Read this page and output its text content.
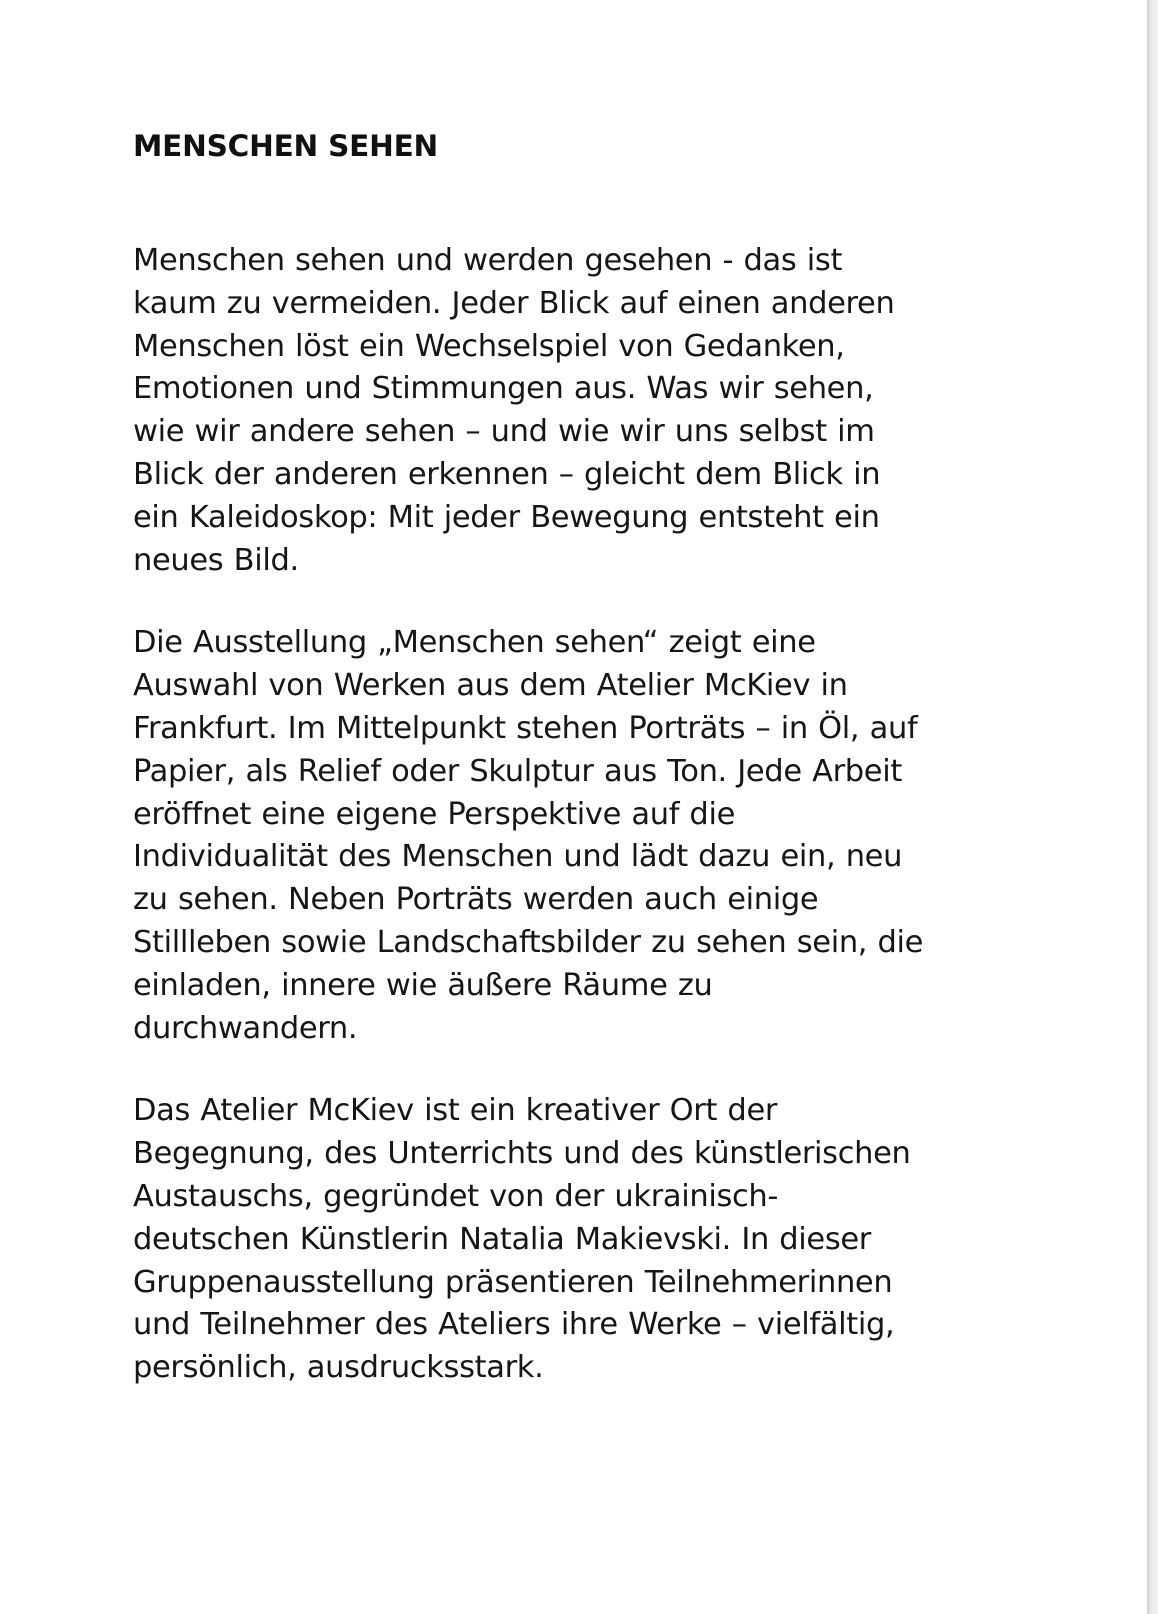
MENSCHEN SEHEN

Menschen sehen und werden gesehen - das ist
kaum zu vermeiden. Jeder Blick auf einen anderen
Menschen löst ein Wechselspiel von Gedanken,
Emotionen und Stimmungen aus. Was wir sehen,
wie wir andere sehen – und wie wir uns selbst im
Blick der anderen erkennen – gleicht dem Blick in
ein Kaleidoskop: Mit jeder Bewegung entsteht ein
neues Bild.

Die Ausstellung „Menschen sehen“ zeigt eine
Auswahl von Werken aus dem Atelier McKiev in
Frankfurt. Im Mittelpunkt stehen Porträts – in Öl, auf
Papier, als Relief oder Skulptur aus Ton. Jede Arbeit
eröffnet eine eigene Perspektive auf die
Individualität des Menschen und lädt dazu ein, neu
zu sehen. Neben Porträts werden auch einige
Stillleben sowie Landschaftsbilder zu sehen sein, die
einladen, innere wie äußere Räume zu
durchwandern.

Das Atelier McKiev ist ein kreativer Ort der
Begegnung, des Unterrichts und des künstlerischen
Austauschs, gegründet von der ukrainisch-
deutschen Künstlerin Natalia Makievski. In dieser
Gruppenausstellung präsentieren Teilnehmerinnen
und Teilnehmer des Ateliers ihre Werke – vielfältig,
persönlich, ausdrucksstark.
